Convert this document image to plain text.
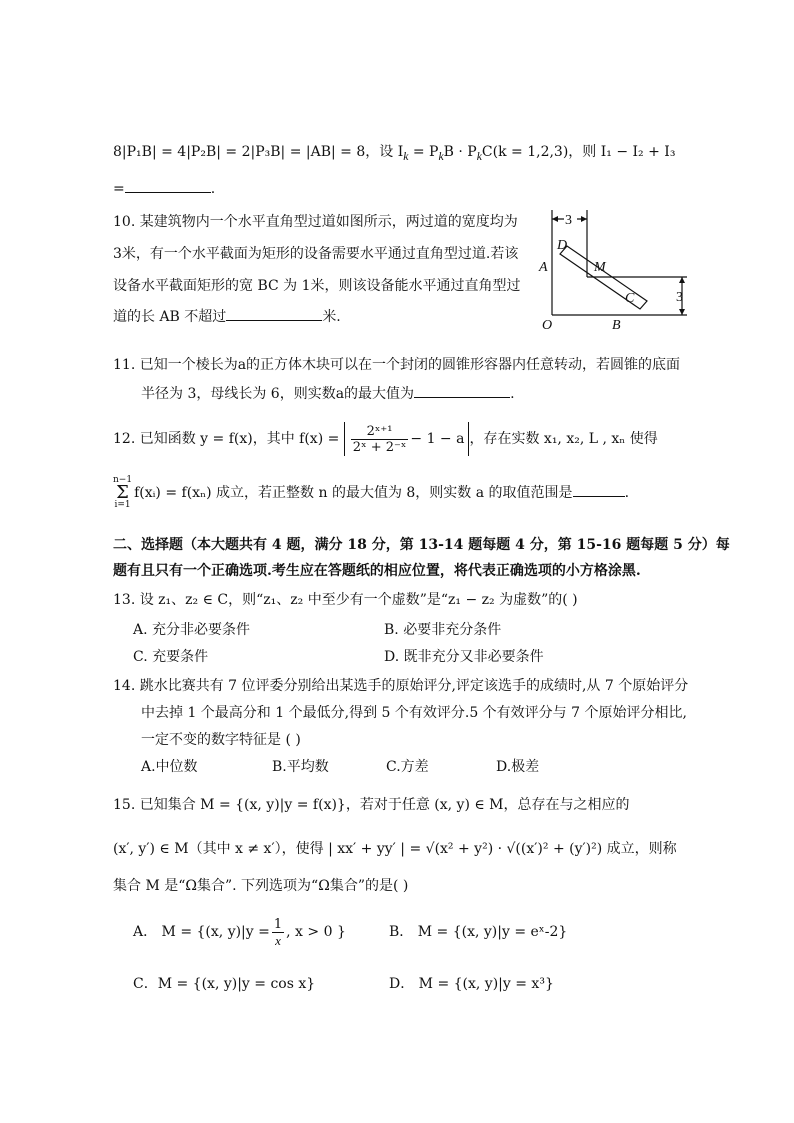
8|P₁B| = 4|P₂B| = 2|P₃B| = |AB| = 8，设 $I_k = P_kB \cdot P_kC(k = 1,2,3)$，则 I₁ − I₂ + I₃
=	.
10. 某建筑物内一个水平直角型过道如图所示，两过道的宽度均为
3米，有一个水平截面为矩形的设备需要水平通过直角型过道.若该
设备水平截面矩形的宽 BC 为 1米，则该设备能水平通过直角型过
道的长 AB 不超过	米.
3
3
D
A	M
C
O	B
11. 已知一个棱长为a的正方体木块可以在一个封闭的圆锥形容器内任意转动，若圆锥的底面
半径为 3，母线长为 6，则实数a的最大值为	.
12. 已知函数 y = f(x)，其中 $f(x) = \frac{\text{2ˣ⁺¹}}{\text{2ˣ + 2⁻ˣ}} - 1 - a$ ，存在实数 x₁, x₂, L , xₙ 使得
n−1
Σ
i=1f(xᵢ) = f(xₙ) 成立，若正整数 n 的最大值为 8，则实数 a 的取值范围是	.
二、选择题（本大题共有 4 题，满分 18 分，第 13-14 题每题 4 分，第 15-16 题每题 5 分）每
题有且只有一个正确选项.考生应在答题纸的相应位置，将代表正确选项的小方格涂黑.
13. 设 z₁、z₂ ∈ C，则“z₁、z₂ 中至少有一个虚数”是“z₁ − z₂ 为虚数”的( )
A. 充分非必要条件	B. 必要非充分条件
C. 充要条件	D. 既非充分又非必要条件
14. 跳水比赛共有 7 位评委分别给出某选手的原始评分,评定该选手的成绩时,从 7 个原始评分
中去掉 1 个最高分和 1 个最低分,得到 5 个有效评分.5 个有效评分与 7 个原始评分相比,
一定不变的数字特征是 ( )
A.中位数	B.平均数	C.方差	D.极差
15. 已知集合 M = {(x, y)|y = f(x)}，若对于任意 (x, y) ∈ M，总存在与之相应的
(x′, y′) ∈ M（其中 x ≠ x′），使得 | xx′ + yy′ | = √(x² + y²) · √((x′)² + (y′)²) 成立，则称
集合 M 是“Ω集合”. 下列选项为“Ω集合”的是( )
A． M = {(x, $y)|y = \frac{1}{x}$ , x > 0 }	B． M = {(x, y)|y = eˣ-2}
C．M = {(x, y)|y = cos x}	D． M = {(x, y)|y = x³}
